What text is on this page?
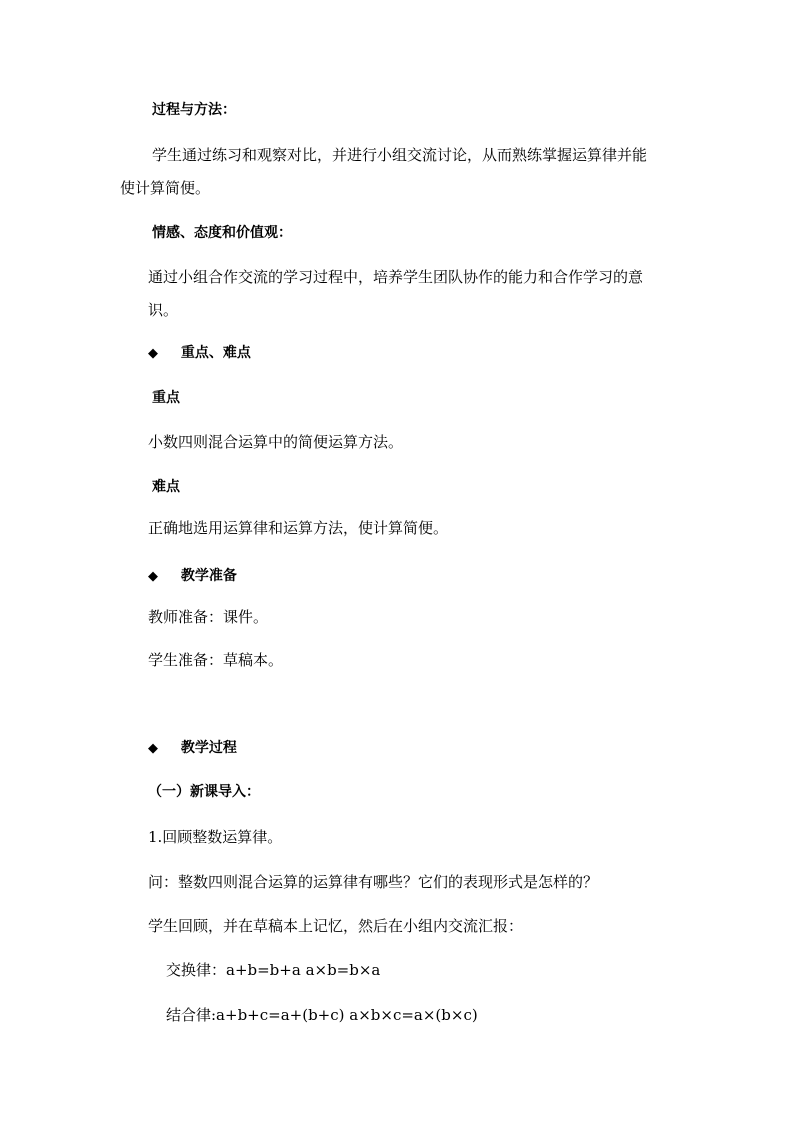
过程与方法：
学生通过练习和观察对比，并进行小组交流讨论，从而熟练掌握运算律并能
使计算简便。
情感、态度和价值观：
通过小组合作交流的学习过程中，培养学生团队协作的能力和合作学习的意
识。
◆ 重点、难点
重点
小数四则混合运算中的简便运算方法。
难点
正确地选用运算律和运算方法，使计算简便。
◆ 教学准备
教师准备：课件。
学生准备：草稿本。
◆ 教学过程
（一）新课导入：
1.回顾整数运算律。
问：整数四则混合运算的运算律有哪些？它们的表现形式是怎样的？
学生回顾，并在草稿本上记忆，然后在小组内交流汇报：
交换律：a+b=b+a a×b=b×a
结合律:a+b+c=a+(b+c) a×b×c=a×(b×c)
